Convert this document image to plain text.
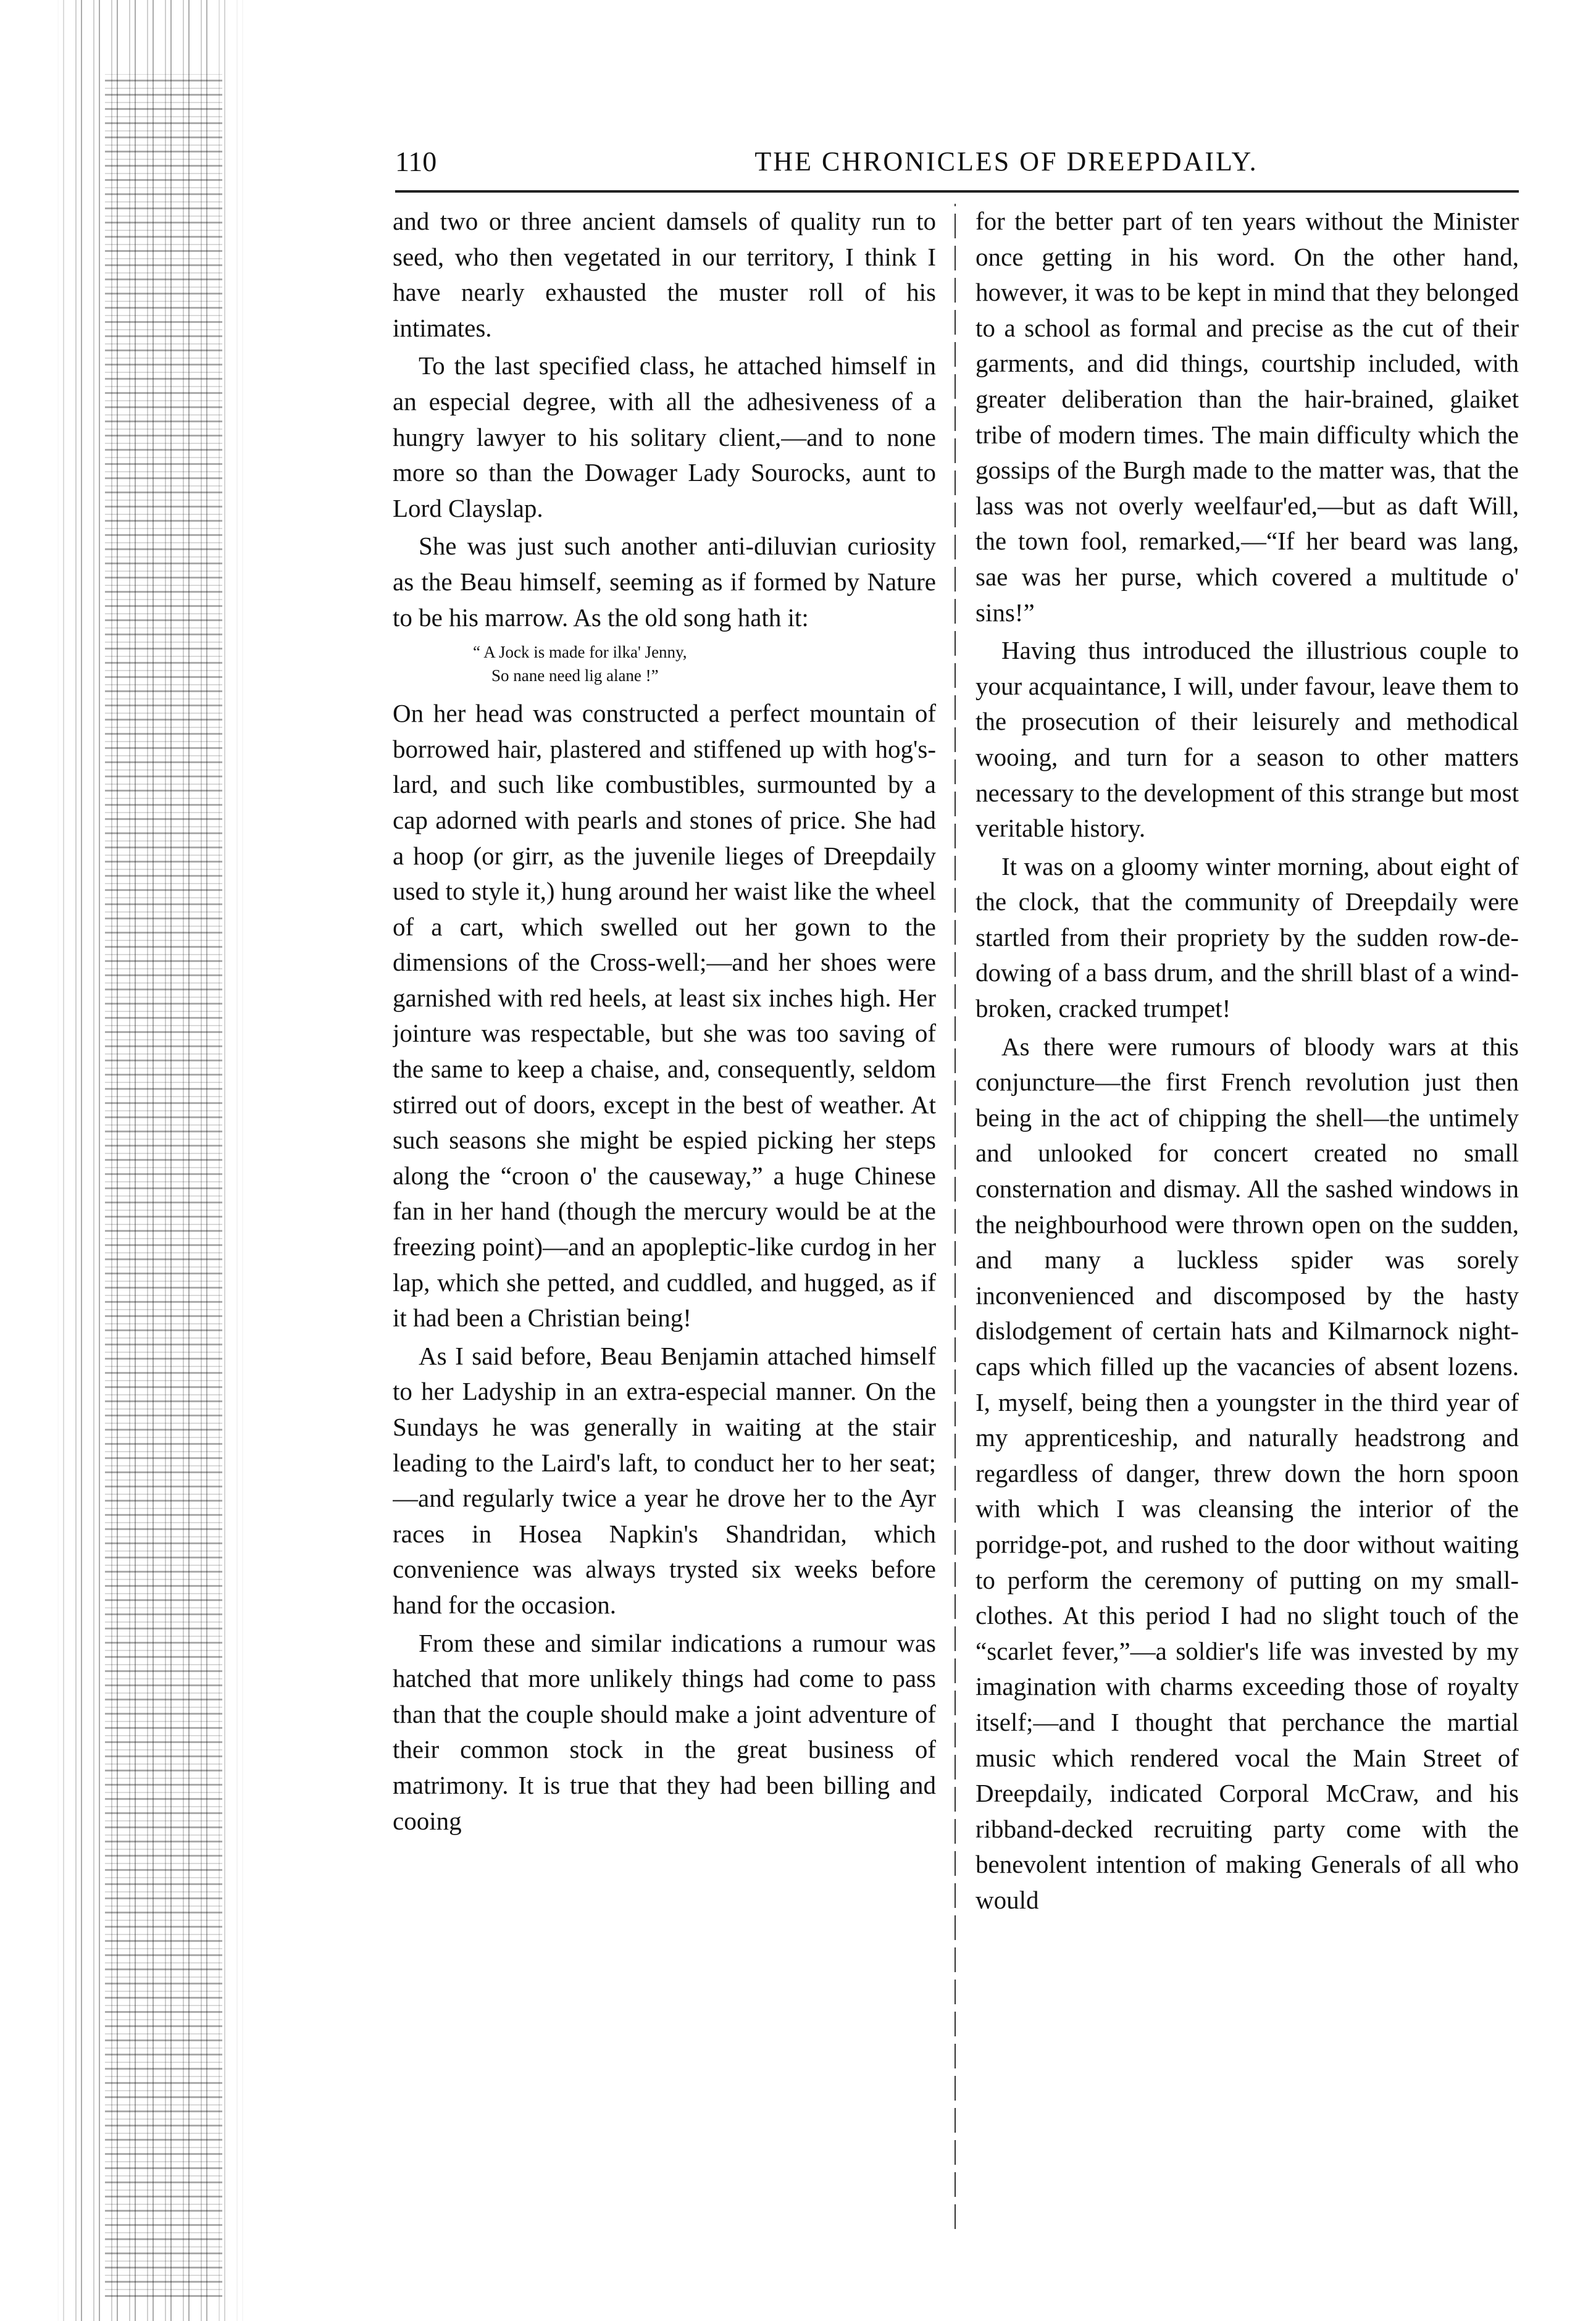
110	THE CHRONICLES OF DREEPDAILY.

and two or three ancient damsels of quality run to seed, who then vegetated in our territory, I think I have nearly exhausted the muster roll of his intimates.

To the last specified class, he attached himself in an especial degree, with all the adhesiveness of a hungry lawyer to his solitary client,—and to none more so than the Dowager Lady Sourocks, aunt to Lord Clayslap.

She was just such another anti-diluvian curiosity as the Beau himself, seeming as if formed by Nature to be his marrow. As the old song hath it:

“ A Jock is made for ilka' Jenny,
So nane need lig alane !”

On her head was constructed a perfect mountain of borrowed hair, plastered and stiffened up with hog's-lard, and such like combustibles, surmounted by a cap adorned with pearls and stones of price. She had a hoop (or girr, as the juvenile lieges of Dreepdaily used to style it,) hung around her waist like the wheel of a cart, which swelled out her gown to the dimensions of the Cross-well;—and her shoes were garnished with red heels, at least six inches high. Her jointure was respectable, but she was too saving of the same to keep a chaise, and, consequently, seldom stirred out of doors, except in the best of weather. At such seasons she might be espied picking her steps along the “croon o' the causeway,” a huge Chinese fan in her hand (though the mercury would be at the freezing point)—and an apopleptic-like curdog in her lap, which she petted, and cuddled, and hugged, as if it had been a Christian being!

As I said before, Beau Benjamin attached himself to her Ladyship in an extra-especial manner. On the Sundays he was generally in waiting at the stair leading to the Laird's laft, to conduct her to her seat;—and regularly twice a year he drove her to the Ayr races in Hosea Napkin's Shandridan, which convenience was always trysted six weeks before hand for the occasion.

From these and similar indications a rumour was hatched that more unlikely things had come to pass than that the couple should make a joint adventure of their common stock in the great business of matrimony. It is true that they had been billing and cooing

for the better part of ten years without the Minister once getting in his word. On the other hand, however, it was to be kept in mind that they belonged to a school as formal and precise as the cut of their garments, and did things, courtship included, with greater deliberation than the hair-brained, glaiket tribe of modern times. The main difficulty which the gossips of the Burgh made to the matter was, that the lass was not overly weelfaur'ed,—but as daft Will, the town fool, remarked,—“If her beard was lang, sae was her purse, which covered a multitude o' sins!”

Having thus introduced the illustrious couple to your acquaintance, I will, under favour, leave them to the prosecution of their leisurely and methodical wooing, and turn for a season to other matters necessary to the development of this strange but most veritable history.

It was on a gloomy winter morning, about eight of the clock, that the community of Dreepdaily were startled from their propriety by the sudden row-de-dowing of a bass drum, and the shrill blast of a wind-broken, cracked trumpet!

As there were rumours of bloody wars at this conjuncture—the first French revolution just then being in the act of chipping the shell—the untimely and unlooked for concert created no small consternation and dismay. All the sashed windows in the neighbourhood were thrown open on the sudden, and many a luckless spider was sorely inconvenienced and discomposed by the hasty dislodgement of certain hats and Kilmarnock night-caps which filled up the vacancies of absent lozens. I, myself, being then a youngster in the third year of my apprenticeship, and naturally headstrong and regardless of danger, threw down the horn spoon with which I was cleansing the interior of the porridge-pot, and rushed to the door without waiting to perform the ceremony of putting on my small-clothes. At this period I had no slight touch of the “scarlet fever,”—a soldier's life was invested by my imagination with charms exceeding those of royalty itself;—and I thought that perchance the martial music which rendered vocal the Main Street of Dreepdaily, indicated Corporal McCraw, and his ribband-decked recruiting party come with the benevolent intention of making Generals of all who would
